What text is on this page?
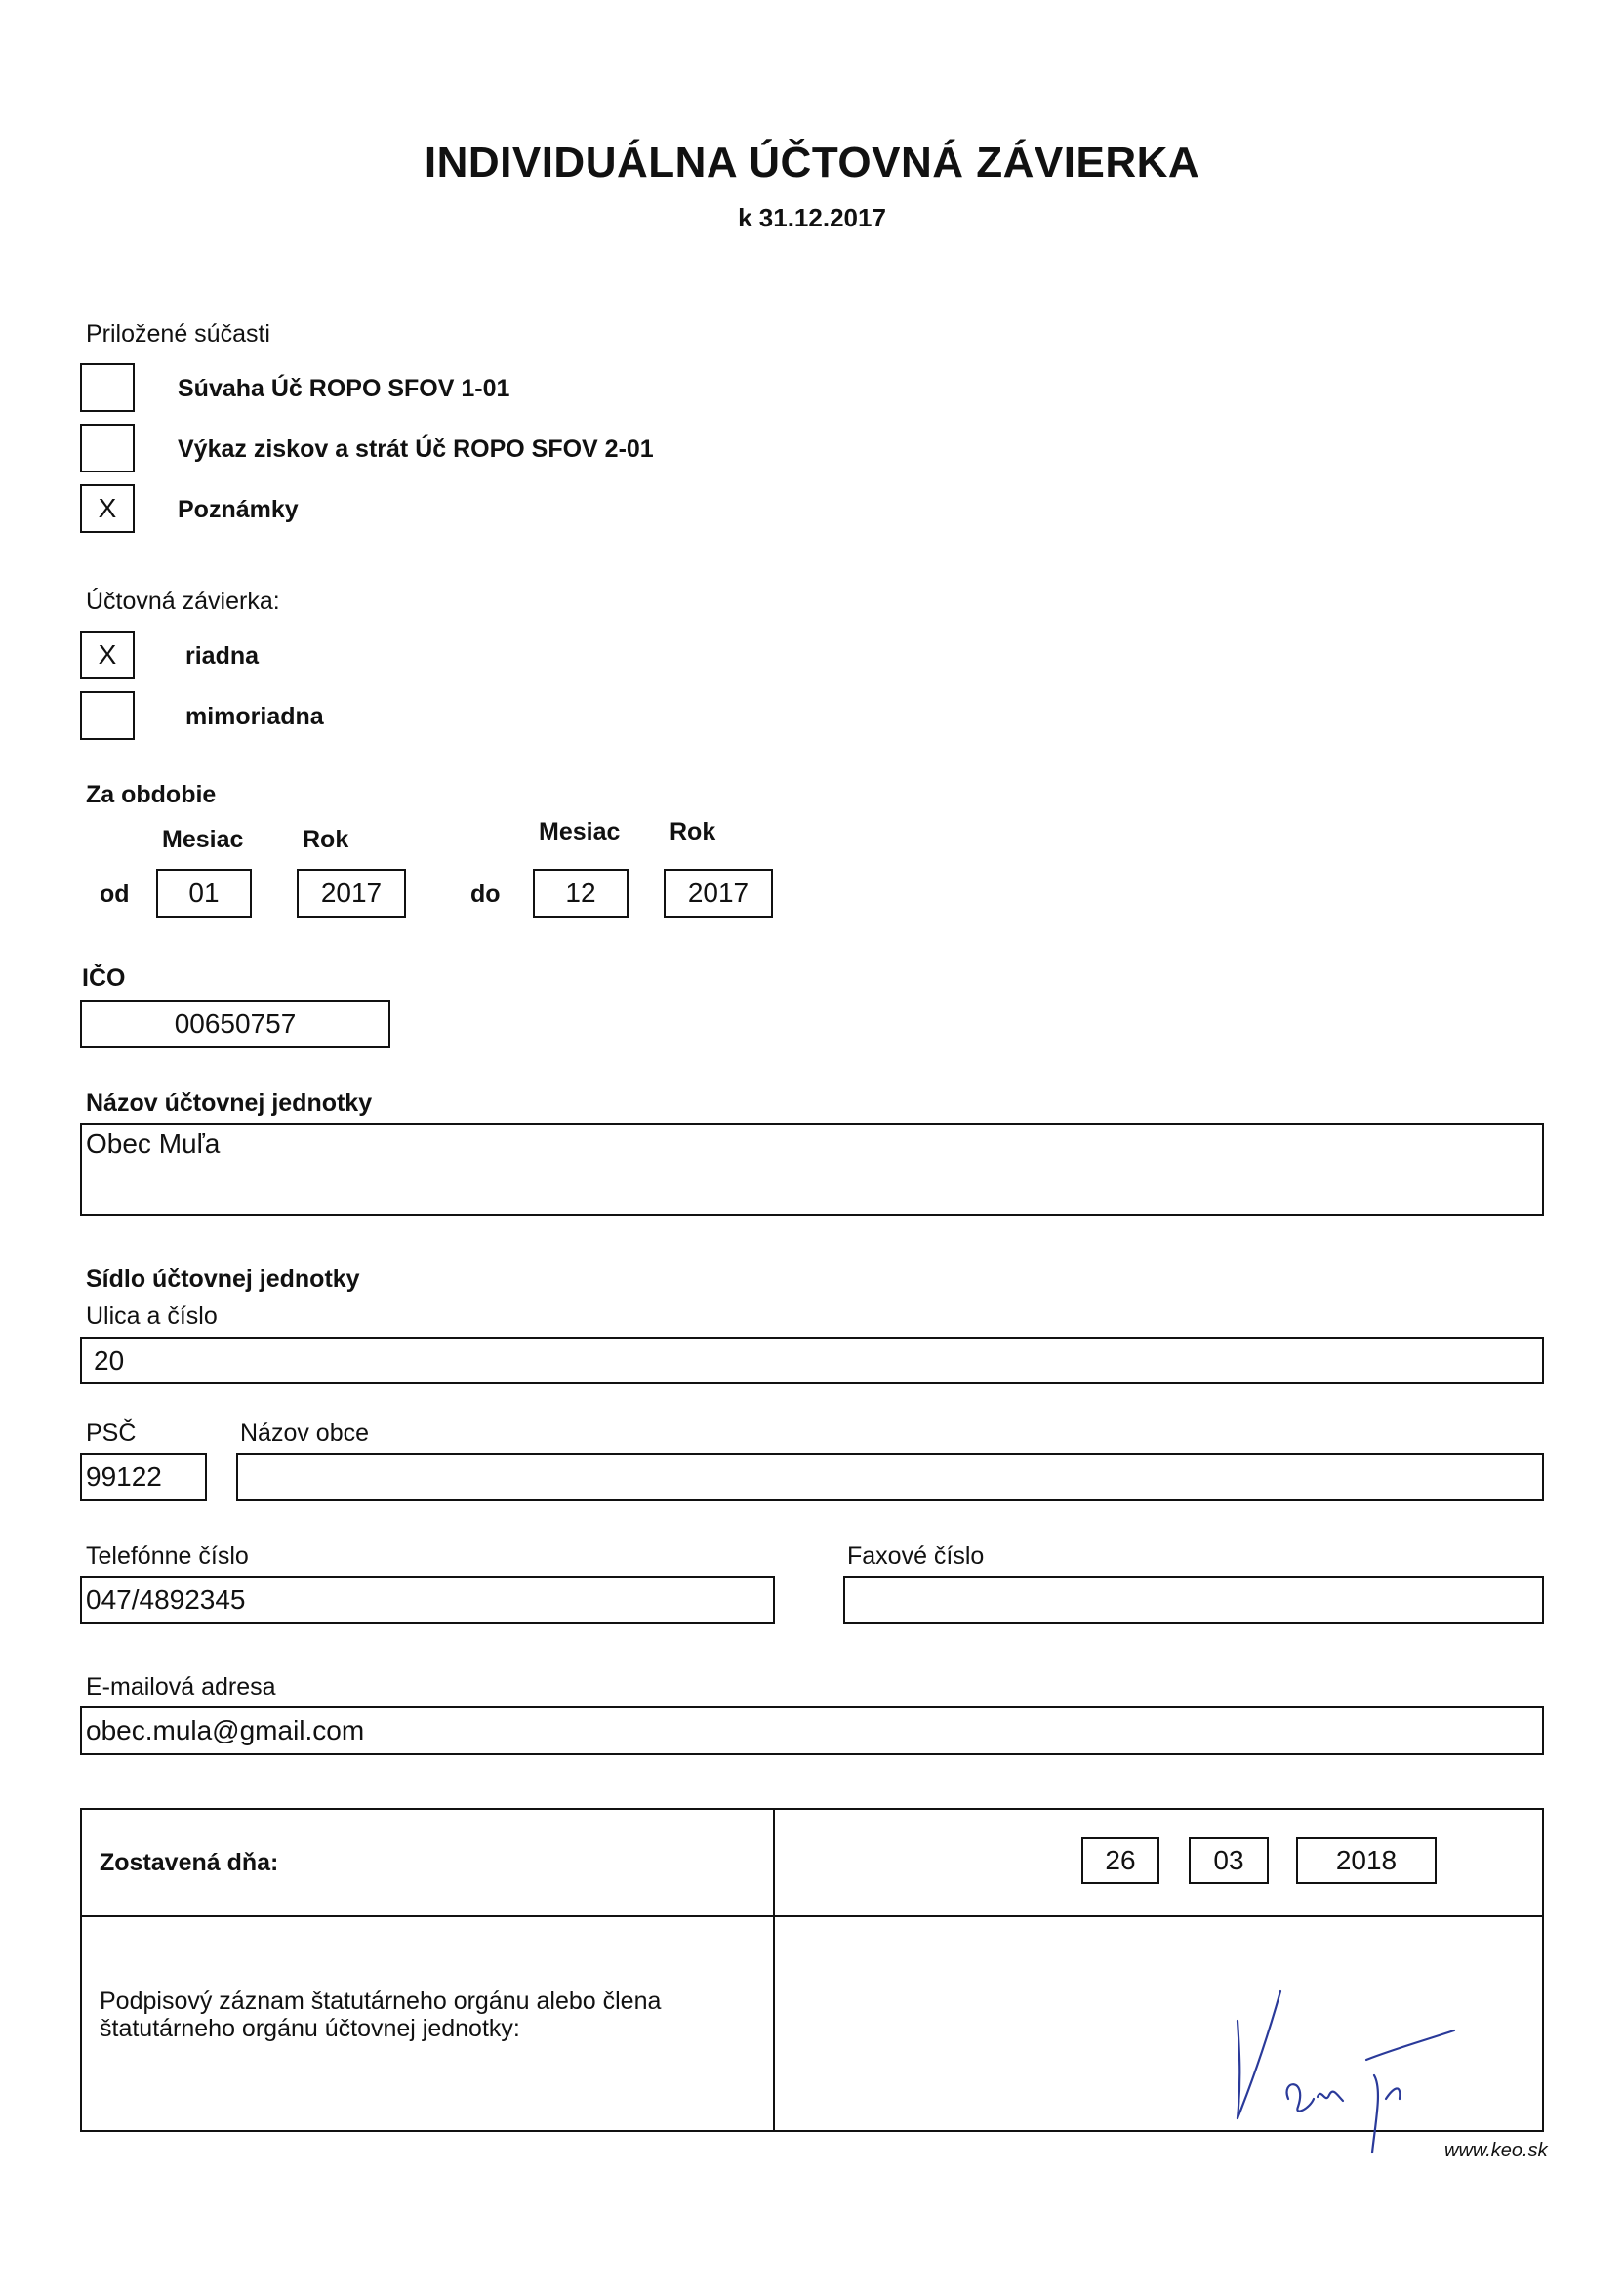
INDIVIDUÁLNA ÚČTOVNÁ ZÁVIERKA
k 31.12.2017
Priložené súčasti
Súvaha Úč ROPO SFOV 1-01
Výkaz ziskov a strát Úč ROPO SFOV 2-01
X	Poznámky
Účtovná závierka:
X	riadna
mimoriadna
Za obdobie
Mesiac Rok	Mesiac Rok
od	01	2017	do	12	2017
IČO
00650757
Názov účtovnej jednotky
Obec Muľa
Sídlo účtovnej jednotky
Ulica a číslo
20
PSČ	Názov obce
99122
Telefónne číslo	Faxové číslo
047/4892345
E-mailová adresa
obec.mula@gmail.com
Zostavená dňa:	26	03	2018
Podpisový záznam štatutárneho orgánu alebo člena
štatutárneho orgánu účtovnej jednotky:
www.keo.sk
